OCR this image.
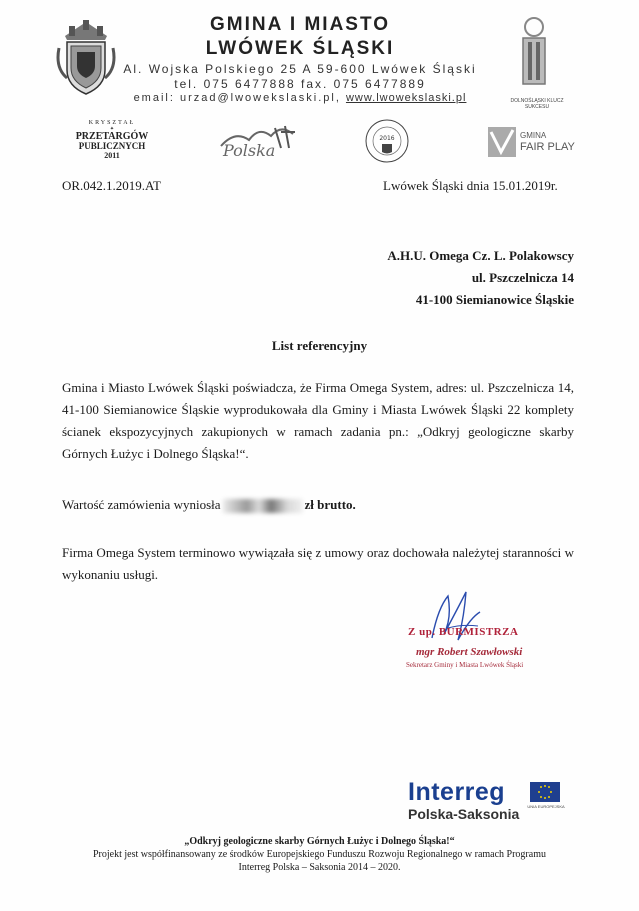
GMINA I MIASTO
LWÓWEK ŚLĄSKI
Al. Wojska Polskiego 25 A 59-600 Lwówek Śląski
tel. 075 6477888 fax. 075 6477889
email: urzad@lwowekslaski.pl, www.lwowekslaski.pl	DOLNOŚLĄSKI KLUCZ SUKCESU
KRYSZTAŁ
✦
PRZETARGÓW
PUBLICZNYCH
2011	Polska
2016	GMINA
FAIR PLAY
OR.042.1.2019.AT	Lwówek Śląski dnia 15.01.2019r.
A.H.U. Omega Cz. L. Polakowscy
ul. Pszczelnicza 14
41-100 Siemianowice Śląskie
List referencyjny
Gmina i Miasto Lwówek Śląski poświadcza, że Firma Omega System, adres: ul. Pszczelnicza 14, 41-100 Siemianowice Śląskie wyprodukowała dla Gminy i Miasta Lwówek Śląski 22 komplety ścianek ekspozycyjnych zakupionych w ramach zadania pn.: „Odkryj geologiczne skarby Górnych Łużyc i Dolnego Śląska!“.
Wartość zamówienia wyniosła	zł brutto.
Firma Omega System terminowo wywiązała się z umowy oraz dochowała należytej staranności w wykonaniu usługi.
Z up. BURMISTRZA
mgr Robert Szawłowski
Sekretarz Gminy i Miasta Lwówek Śląski
Interreg
Polska-Saksonia	UNIA EUROPEJSKA
„Odkryj geologiczne skarby Górnych Łużyc i Dolnego Śląska!“
Projekt jest współfinansowany ze środków Europejskiego Funduszu Rozwoju Regionalnego w ramach Programu
Interreg Polska – Saksonia 2014 – 2020.
